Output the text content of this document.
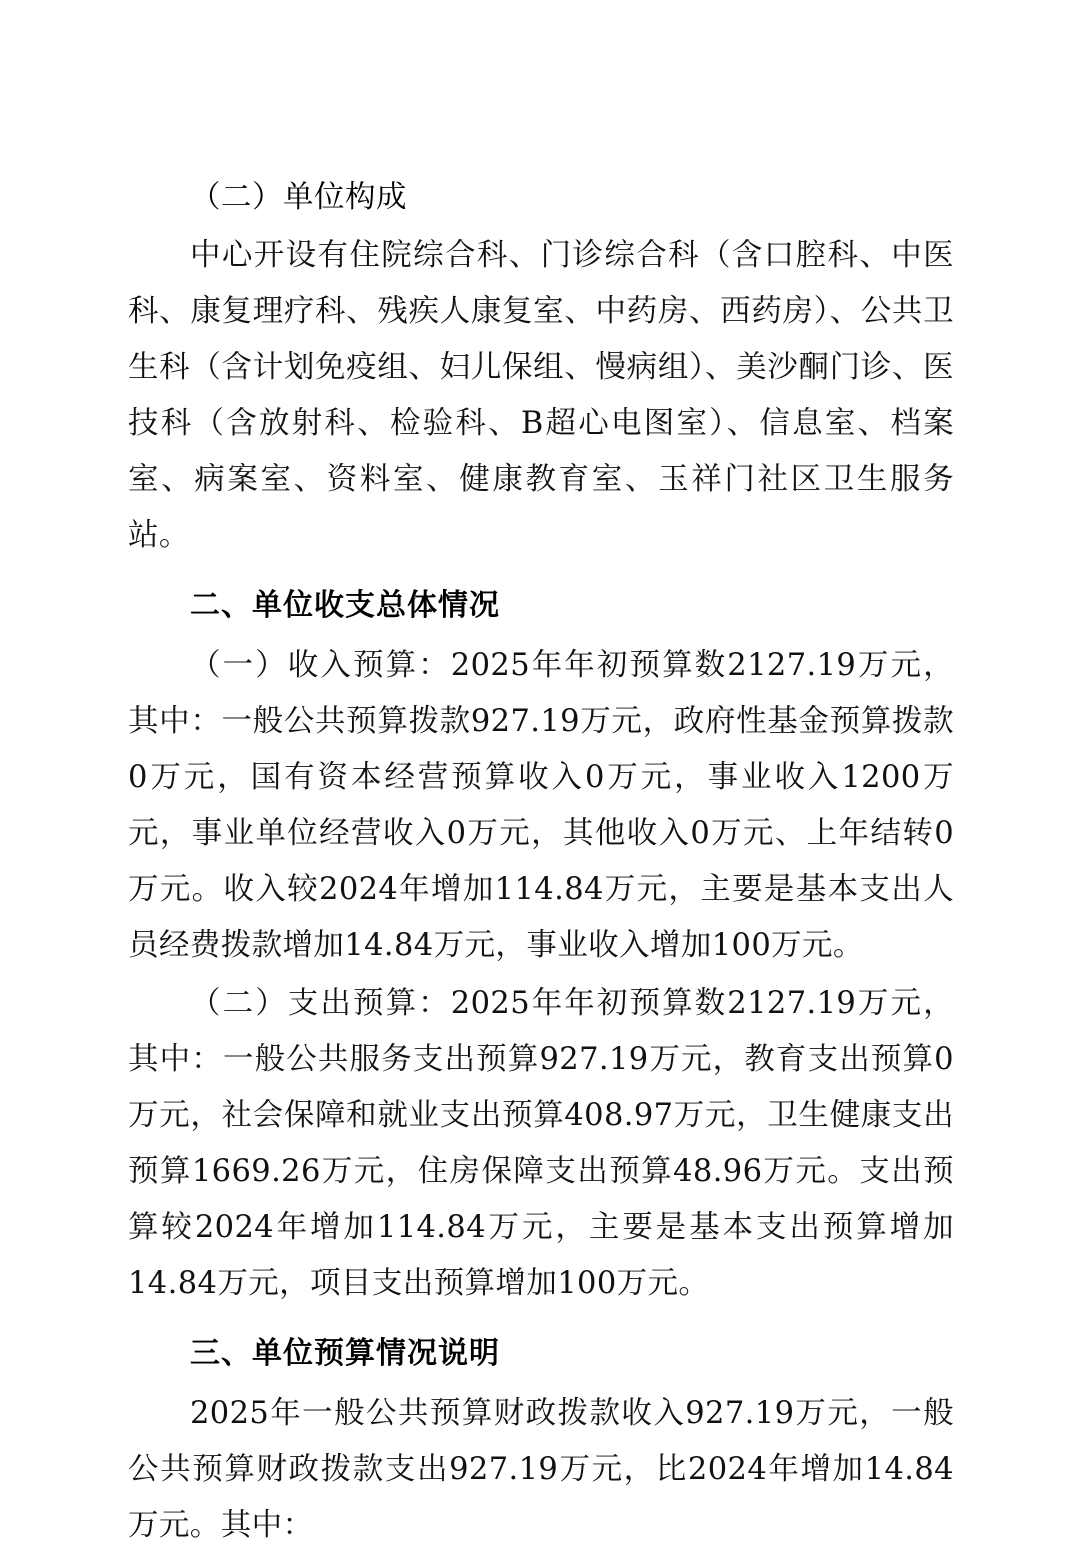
（二）单位构成

中心开设有住院综合科、门诊综合科（含口腔科、中医科、康复理疗科、残疾人康复室、中药房、西药房）、公共卫生科（含计划免疫组、妇儿保组、慢病组）、美沙酮门诊、医技科（含放射科、检验科、B超心电图室）、信息室、档案室、病案室、资料室、健康教育室、玉祥门社区卫生服务站。

二、单位收支总体情况

（一）收入预算：2025年年初预算数2127.19万元，其中：一般公共预算拨款927.19万元，政府性基金预算拨款0万元，国有资本经营预算收入0万元，事业收入1200万元，事业单位经营收入0万元，其他收入0万元、上年结转0万元。收入较2024年增加114.84万元，主要是基本支出人员经费拨款增加14.84万元，事业收入增加100万元。

（二）支出预算：2025年年初预算数2127.19万元，其中：一般公共服务支出预算927.19万元，教育支出预算0万元，社会保障和就业支出预算408.97万元，卫生健康支出预算1669.26万元，住房保障支出预算48.96万元。支出预算较2024年增加114.84万元，主要是基本支出预算增加14.84万元，项目支出预算增加100万元。

三、单位预算情况说明

2025年一般公共预算财政拨款收入927.19万元，一般公共预算财政拨款支出927.19万元，比2024年增加14.84万元。其中：
